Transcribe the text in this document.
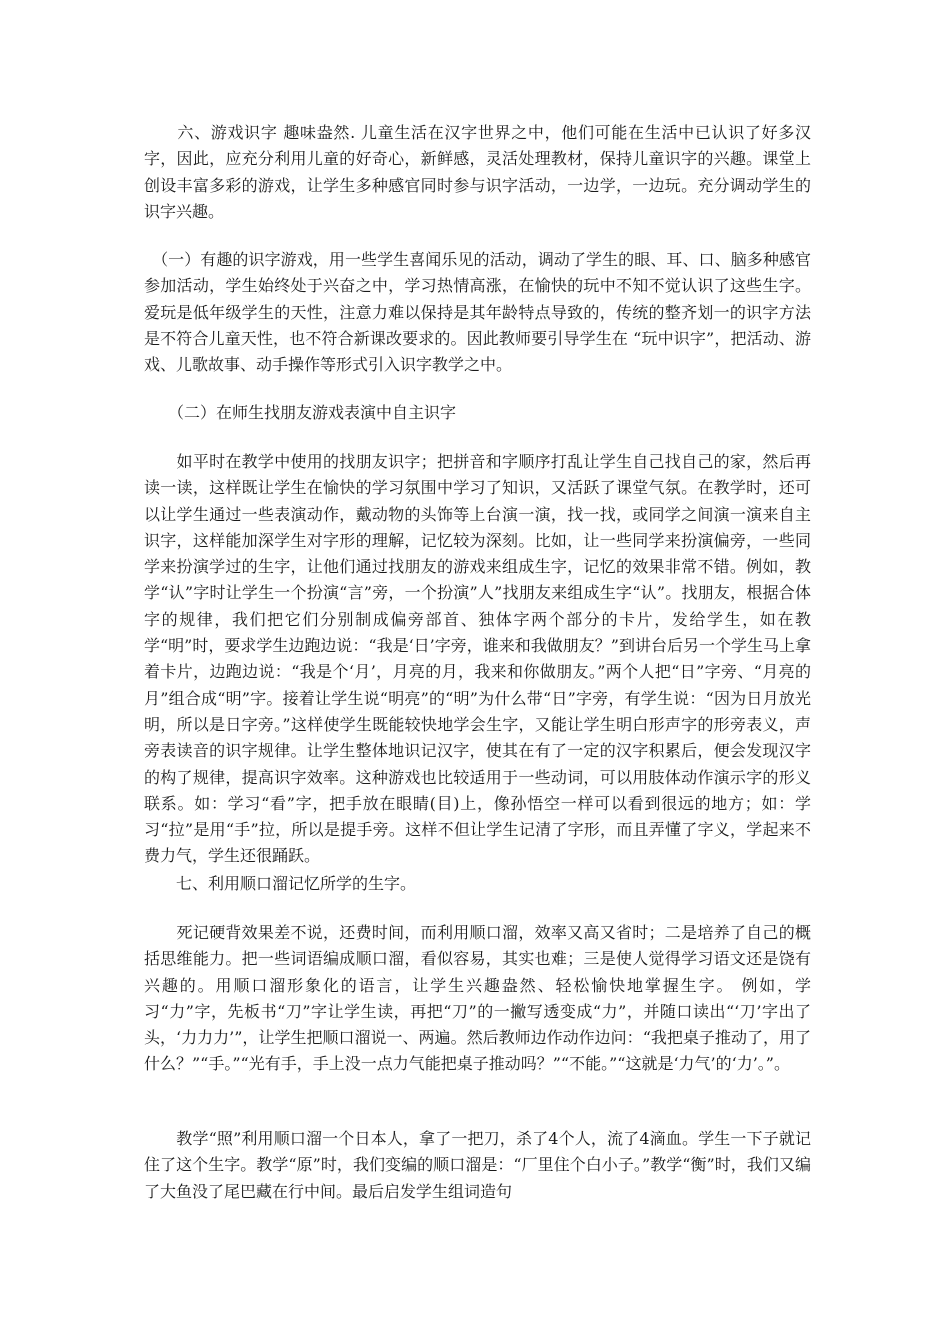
　　六、游戏识字 趣味盎然. 儿童生活在汉字世界之中，他们可能在生活中已认识了好多汉字，因此，应充分利用儿童的好奇心，新鲜感，灵活处理教材，保持儿童识字的兴趣。课堂上创设丰富多彩的游戏，让学生多种感官同时参与识字活动，一边学，一边玩。充分调动学生的识字兴趣。

　（一）有趣的识字游戏，用一些学生喜闻乐见的活动，调动了学生的眼、耳、口、脑多种感官参加活动，学生始终处于兴奋之中，学习热情高涨，在愉快的玩中不知不觉认识了这些生字。爱玩是低年级学生的天性，注意力难以保持是其年龄特点导致的，传统的整齐划一的识字方法是不符合儿童天性，也不符合新课改要求的。因此教师要引导学生在 “玩中识字”，把活动、游戏、儿歌故事、动手操作等形式引入识字教学之中。

　　（二）在师生找朋友游戏表演中自主识字

　　如平时在教学中使用的找朋友识字；把拼音和字顺序打乱让学生自己找自己的家，然后再读一读，这样既让学生在愉快的学习氛围中学习了知识，又活跃了课堂气氛。在教学时，还可以让学生通过一些表演动作，戴动物的头饰等上台演一演，找一找，或同学之间演一演来自主识字，这样能加深学生对字形的理解，记忆较为深刻。比如，让一些同学来扮演偏旁，一些同学来扮演学过的生字，让他们通过找朋友的游戏来组成生字，记忆的效果非常不错。例如，教学“认”字时让学生一个扮演“言”旁，一个扮演”人”找朋友来组成生字“认”。找朋友，根据合体字的规律，我们把它们分别制成偏旁部首、独体字两个部分的卡片，发给学生，如在教学“明”时，要求学生边跑边说：“我是‘日’字旁，谁来和我做朋友？”到讲台后另一个学生马上拿着卡片，边跑边说：“我是个‘月’，月亮的月，我来和你做朋友。”两个人把“日”字旁、“月亮的月”组合成“明”字。接着让学生说“明亮”的“明”为什么带“日”字旁，有学生说：“因为日月放光明，所以是日字旁。”这样使学生既能较快地学会生字，又能让学生明白形声字的形旁表义，声旁表读音的识字规律。让学生整体地识记汉字，使其在有了一定的汉字积累后，便会发现汉字的构了规律，提高识字效率。这种游戏也比较适用于一些动词，可以用肢体动作演示字的形义联系。如：学习“看”字，把手放在眼睛(目)上，像孙悟空一样可以看到很远的地方；如：学习“拉”是用“手”拉，所以是提手旁。这样不但让学生记清了字形，而且弄懂了字义，学起来不费力气，学生还很踊跃。

　　七、利用顺口溜记忆所学的生字。

　　死记硬背效果差不说，还费时间，而利用顺口溜，效率又高又省时；二是培养了自己的概括思维能力。把一些词语编成顺口溜，看似容易，其实也难；三是使人觉得学习语文还是饶有兴趣的。用顺口溜形象化的语言，让学生兴趣盎然、轻松愉快地掌握生字。 例如，学习“力”字，先板书“刀”字让学生读，再把“刀”的一撇写透变成“力”，并随口读出“‘刀’字出了头，‘力力力’”，让学生把顺口溜说一、两遍。然后教师边作动作边问：“我把桌子推动了，用了什么？”“手。”“光有手，手上没一点力气能把桌子推动吗？”“不能。”“这就是‘力气’的‘力’。”。

　　教学“照”利用顺口溜一个日本人，拿了一把刀，杀了4个人，流了4滴血。学生一下子就记住了这个生字。教学“原”时，我们变编的顺口溜是：“厂里住个白小子。”教学“衡”时，我们又编了大鱼没了尾巴藏在行中间。最后启发学生组词造句
